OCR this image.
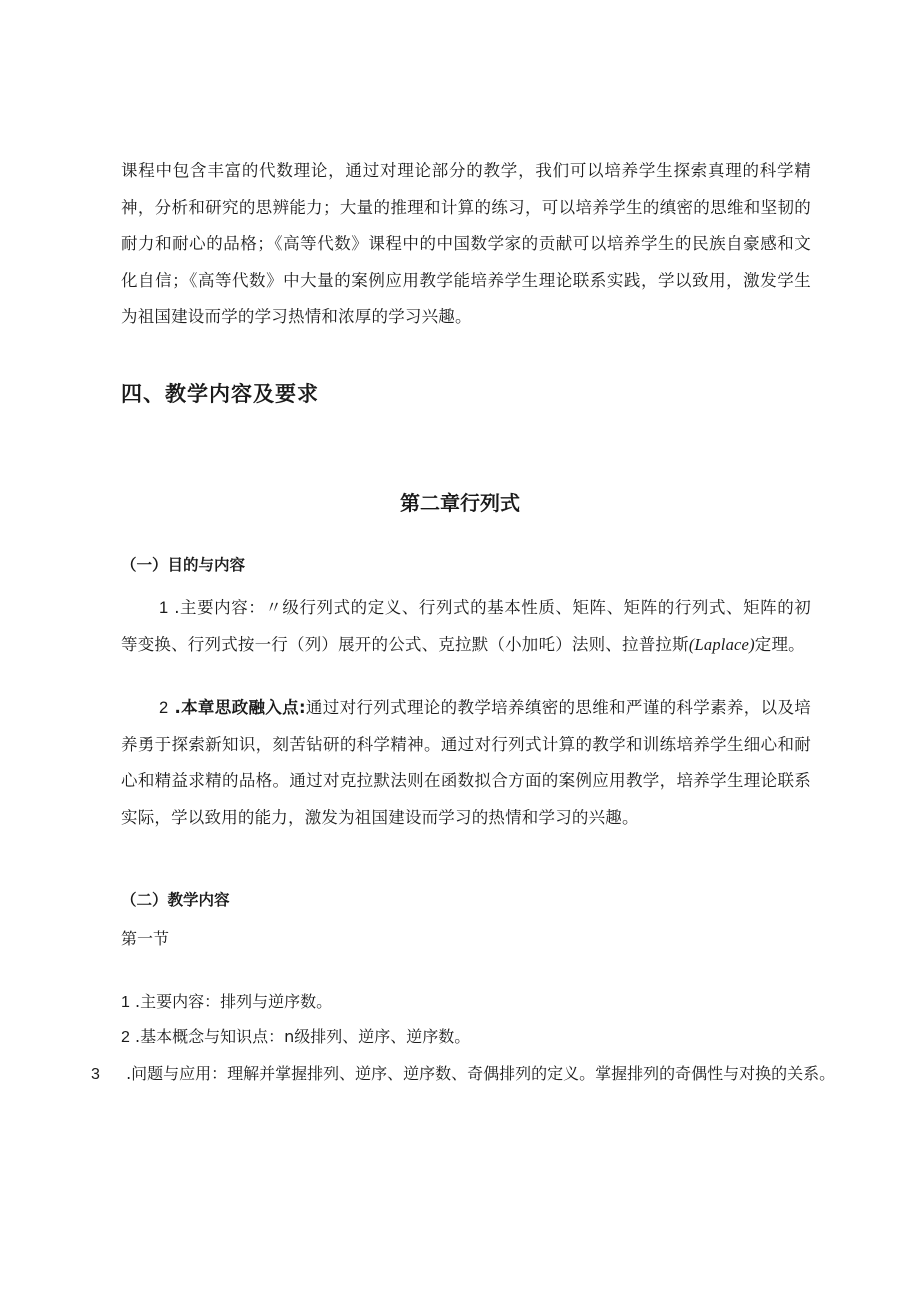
课程中包含丰富的代数理论，通过对理论部分的教学，我们可以培养学生探索真理的科学精神，分析和研究的思辨能力；大量的推理和计算的练习，可以培养学生的缜密的思维和坚韧的耐力和耐心的品格；《高等代数》课程中的中国数学家的贡献可以培养学生的民族自豪感和文化自信；《高等代数》中大量的案例应用教学能培养学生理论联系实践，学以致用，激发学生为祖国建设而学的学习热情和浓厚的学习兴趣。
四、教学内容及要求
第二章行列式
（一）目的与内容
1 .主要内容：〃级行列式的定义、行列式的基本性质、矩阵、矩阵的行列式、矩阵的初等变换、行列式按一行（列）展开的公式、克拉默（小加吒）法则、拉普拉斯(Laplace)定理。
2 .本章思政融入点:通过对行列式理论的教学培养缜密的思维和严谨的科学素养，以及培养勇于探索新知识，刻苦钻研的科学精神。通过对行列式计算的教学和训练培养学生细心和耐心和精益求精的品格。通过对克拉默法则在函数拟合方面的案例应用教学，培养学生理论联系实际，学以致用的能力，激发为祖国建设而学习的热情和学习的兴趣。
（二）教学内容
第一节
1 .主要内容：排列与逆序数。
2 .基本概念与知识点：n级排列、逆序、逆序数。
3 .问题与应用：理解并掌握排列、逆序、逆序数、奇偶排列的定义。掌握排列的奇偶性与对换的关系。
